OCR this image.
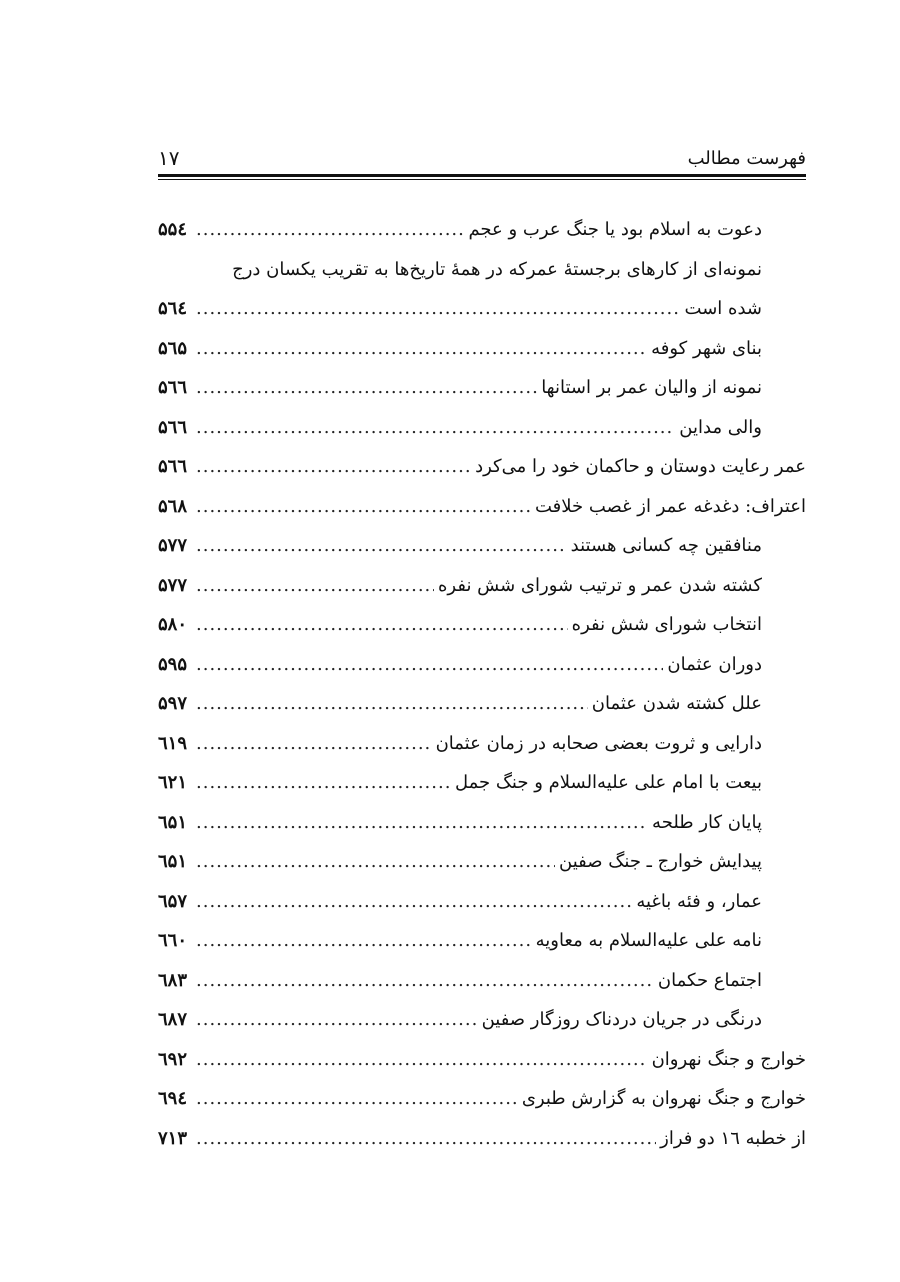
فهرست مطالب
۱۷
دعوت به اسلام بود یا جنگ عرب و عجم
.....
۵۵٤
نمونه‌ای از کارهای برجستهٔ عمرکه در همهٔ تاریخ‌ها به تقریب یکسان درج
شده است
.....
۵٦٤
بنای شهر کوفه
.....
۵٦۵
نمونه از والیان عمر بر استانها
.....
۵٦٦
والی مداین
.....
۵٦٦
عمر رعایت دوستان و حاکمان خود را می‌کرد
.....
۵٦٦
اعتراف: دغدغه عمر از غصب خلافت
.....
۵٦۸
منافقین چه کسانی هستند
.....
۵۷۷
کشته شدن عمر و ترتیب شورای شش نفره
.....
۵۷۷
انتخاب شورای شش نفره
.....
۵۸۰
دوران عثمان
.....
۵۹۵
علل کشته شدن عثمان
.....
۵۹۷
دارایی و ثروت بعضی صحابه در زمان عثمان
.....
٦۱۹
بیعت با امام علی علیه‌السلام و جنگ جمل
.....
٦۲۱
پایان کار طلحه
.....
٦۵۱
پیدایش خوارج ـ جنگ صفین
.....
٦۵۱
عمار، و فئه باغیه
.....
٦۵۷
نامه علی علیه‌السلام به معاویه
.....
٦٦۰
اجتماع حکمان
.....
٦۸۳
درنگی در جریان دردناک روزگار صفین
.....
٦۸۷
خوارج و جنگ نهروان
.....
٦۹۲
خوارج و جنگ نهروان به گزارش طبری
.....
٦۹٤
از خطبه ۱٦ دو فراز
.....
۷۱۳
